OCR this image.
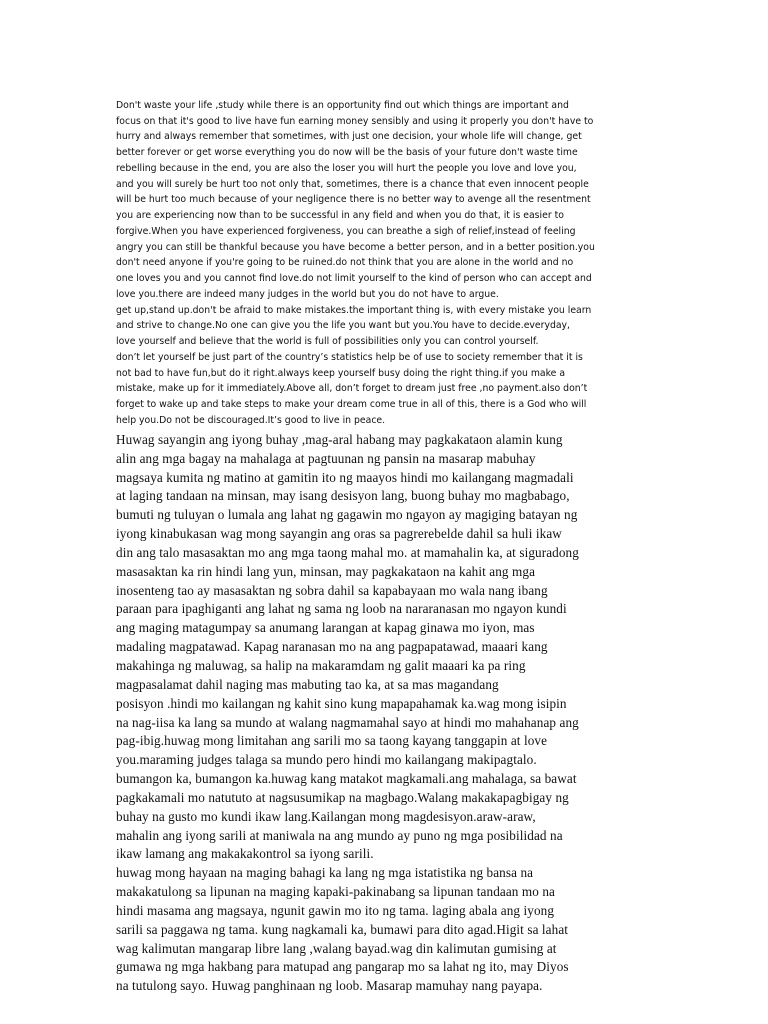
Don't waste your life ,study while there is an opportunity find out which things are important and
focus on that it's good to live have fun earning money sensibly and using it properly you don't have to
hurry and always remember that sometimes, with just one decision, your whole life will change, get
better forever or get worse everything you do now will be the basis of your future don't waste time
rebelling because in the end, you are also the loser you will hurt the people you love and love you,
and you will surely be hurt too not only that, sometimes, there is a chance that even innocent people
will be hurt too much because of your negligence there is no better way to avenge all the resentment
you are experiencing now than to be successful in any field and when you do that, it is easier to
forgive.When you have experienced forgiveness, you can breathe a sigh of relief,instead of feeling
angry you can still be thankful because you have become a better person, and in a better position.you
don't need anyone if you're going to be ruined.do not think that you are alone in the world and no
one loves you and you cannot find love.do not limit yourself to the kind of person who can accept and
love you.there are indeed many judges in the world but you do not have to argue.
get up,stand up.don't be afraid to make mistakes.the important thing is, with every mistake you learn
and strive to change.No one can give you the life you want but you.You have to decide.everyday,
love yourself and believe that the world is full of possibilities only you can control yourself.
don’t let yourself be just part of the country’s statistics help be of use to society remember that it is
not bad to have fun,but do it right.always keep yourself busy doing the right thing.if you make a
mistake, make up for it immediately.Above all, don’t forget to dream just free ,no payment.also don’t
forget to wake up and take steps to make your dream come true in all of this, there is a God who will
help you.Do not be discouraged.It’s good to live in peace.

Huwag sayangin ang iyong buhay ,mag-aral habang may pagkakataon alamin kung
alin ang mga bagay na mahalaga at pagtuunan ng pansin na masarap mabuhay
magsaya kumita ng matino at gamitin ito ng maayos hindi mo kailangang magmadali
at laging tandaan na minsan, may isang desisyon lang, buong buhay mo magbabago,
bumuti ng tuluyan o lumala ang lahat ng gagawin mo ngayon ay magiging batayan ng
iyong kinabukasan wag mong sayangin ang oras sa pagrerebelde dahil sa huli ikaw
din ang talo masasaktan mo ang mga taong mahal mo. at mamahalin ka, at siguradong
masasaktan ka rin hindi lang yun, minsan, may pagkakataon na kahit ang mga
inosenteng tao ay masasaktan ng sobra dahil sa kapabayaan mo wala nang ibang
paraan para ipaghiganti ang lahat ng sama ng loob na nararanasan mo ngayon kundi
ang maging matagumpay sa anumang larangan at kapag ginawa mo iyon, mas
madaling magpatawad. Kapag naranasan mo na ang pagpapatawad, maaari kang
makahinga ng maluwag, sa halip na makaramdam ng galit maaari ka pa ring
magpasalamat dahil naging mas mabuting tao ka, at sa mas magandang
posisyon .hindi mo kailangan ng kahit sino kung mapapahamak ka.wag mong isipin
na nag-iisa ka lang sa mundo at walang nagmamahal sayo at hindi mo mahahanap ang
pag-ibig.huwag mong limitahan ang sarili mo sa taong kayang tanggapin at love
you.maraming judges talaga sa mundo pero hindi mo kailangang makipagtalo.
bumangon ka, bumangon ka.huwag kang matakot magkamali.ang mahalaga, sa bawat
pagkakamali mo natututo at nagsusumikap na magbago.Walang makakapagbigay ng
buhay na gusto mo kundi ikaw lang.Kailangan mong magdesisyon.araw-araw,
mahalin ang iyong sarili at maniwala na ang mundo ay puno ng mga posibilidad na
ikaw lamang ang makakakontrol sa iyong sarili.
huwag mong hayaan na maging bahagi ka lang ng mga istatistika ng bansa na
makakatulong sa lipunan na maging kapaki-pakinabang sa lipunan tandaan mo na
hindi masama ang magsaya, ngunit gawin mo ito ng tama. laging abala ang iyong
sarili sa paggawa ng tama. kung nagkamali ka, bumawi para dito agad.Higit sa lahat
wag kalimutan mangarap libre lang ,walang bayad.wag din kalimutan gumising at
gumawa ng mga hakbang para matupad ang pangarap mo sa lahat ng ito, may Diyos
na tutulong sayo. Huwag panghinaan ng loob. Masarap mamuhay nang payapa.
